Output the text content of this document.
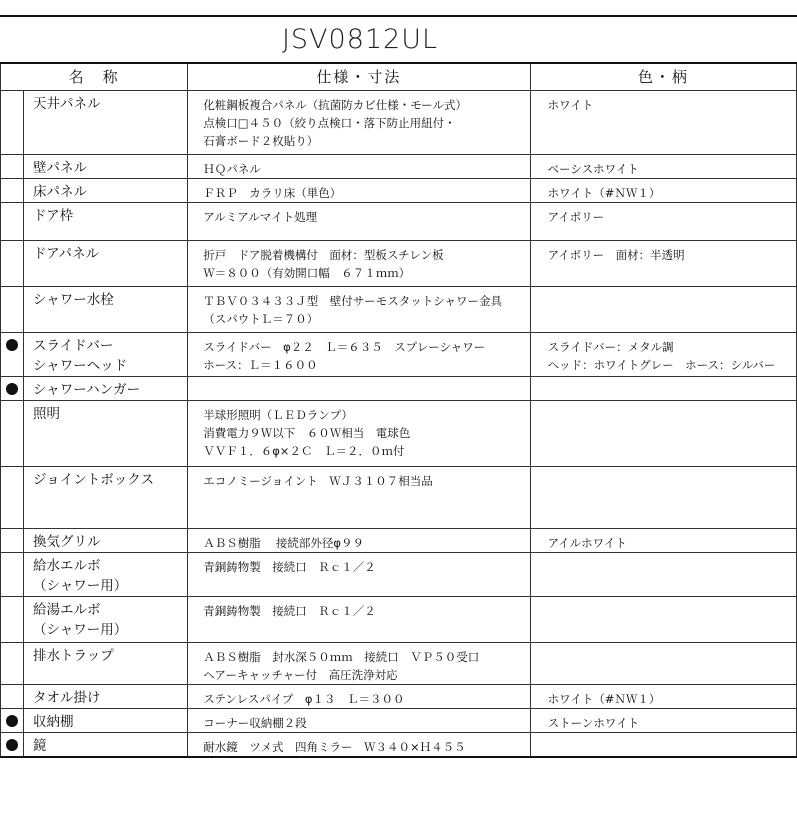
JSV0812UL
名　称		仕様・寸法	色・柄

	天井パネル	化粧鋼板複合パネル（抗菌防カビ仕様・モール式）
点検口□４５０（絞り点検口・落下防止用紐付・
石膏ボード２枚貼り）	ホワイト

	壁パネル	ＨＱパネル	ベーシスホワイト

	床パネル	ＦＲＰ　カラリ床（単色）	ホワイト（#ＮＷ１）

	ドア枠	アルミアルマイト処理	アイボリー

	ドアパネル	折戸　ドア脱着機構付　面材：型板スチレン板
Ｗ＝８００（有効開口幅　６７１ｍｍ）	アイボリー　面材：半透明

	シャワー水栓	ＴＢＶ０３４３３Ｊ型　壁付サーモスタットシャワー金具
（スパウトＬ＝７０）	

	スライドバー
シャワーヘッド	スライドバー　φ２２　Ｌ＝６３５　スプレーシャワー
ホース：Ｌ＝１６００	スライドバー：メタル調
ヘッド：ホワイトグレー　ホース：シルバー

	シャワーハンガー		

	照明	半球形照明（ＬＥＤランプ）
消費電力９Ｗ以下　６０Ｗ相当　電球色
ＶＶＦ１．６φ×２Ｃ　Ｌ＝２．０ｍ付	

	ジョイントボックス	エコノミージョイント　ＷＪ３１０７相当品	

	換気グリル	ＡＢＳ樹脂　 接続部外径φ９９	アイルホワイト

	給水エルボ
（シャワー用）	青銅鋳物製　接続口　Ｒｃ１／２	

	給湯エルボ
（シャワー用）	青銅鋳物製　接続口　Ｒｃ１／２	

	排水トラップ	ＡＢＳ樹脂　封水深５０ｍｍ　接続口　ＶＰ５０受口
ヘアーキャッチャー付　高圧洗浄対応	

	タオル掛け	ステンレスパイプ　φ１３　Ｌ＝３００	ホワイト（#ＮＷ１）

	収納棚	コーナー収納棚２段	ストーンホワイト

	鏡	耐水鏡　ツメ式　四角ミラー　Ｗ３４０×Ｈ４５５	
